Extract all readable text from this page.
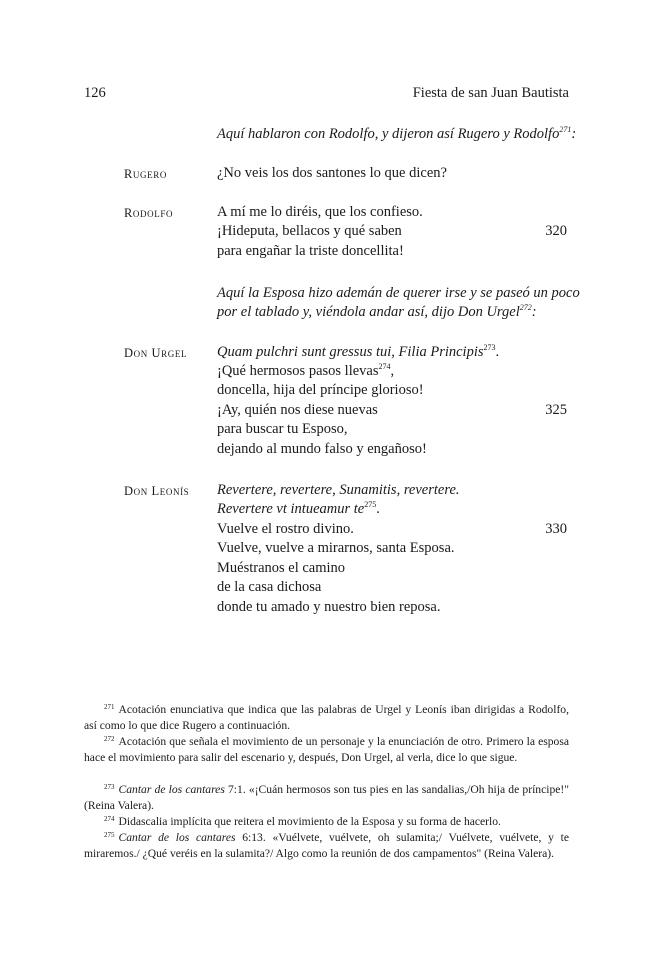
126	Fiesta de san Juan Bautista
Aquí hablaron con Rodolfo, y dijeron así Rugero y Rodolfo$^{271}$:
Rugero	¿No veis los dos santones lo que dicen?
Rodolfo	A mí me lo diréis, que los confieso.
¡Hideputa, bellacos y qué saben	320
para engañar la triste doncellita!
Aquí la Esposa hizo ademán de querer irse y se paseó un poco
por el tablado y, viéndola andar así, dijo Don Urgel$^{272}$:
Don Urgel Quam pulchri sunt gressus tui, Filia Principis$^{273}$.
¡Qué hermosos pasos llevas$^{274}$,
doncella, hija del príncipe glorioso!
¡Ay, quién nos diese nuevas	325
para buscar tu Esposo,
dejando al mundo falso y engañoso!
Don Leonís Revertere, revertere, Sunamitis, revertere.
Revertere vt intueamur $te^{275}$.
Vuelve el rostro divino.	330
Vuelve, vuelve a mirarnos, santa Esposa.
Muéstranos el camino
de la casa dichosa
donde tu amado y nuestro bien reposa.
$^{271}$ Acotación enunciativa que indica que las palabras de Urgel y Leonís iban dirigidas a Rodolfo, así como lo que dice Rugero a continuación.
$^{272}$ Acotación que señala el movimiento de un personaje y la enunciación de otro. Primero la esposa hace el movimiento para salir del escenario y, después, Don Urgel, al verla, dice lo que sigue.
$^{273}$ Cantar de los cantares 7:1. «¡Cuán hermosos son tus pies en las sandalias,/Oh hija de príncipe!" (Reina Valera).
$^{274}$ Didascalia implícita que reitera el movimiento de la Esposa y su forma de hacerlo.
$^{275}$ Cantar de los cantares 6:13. «Vuélvete, vuélvete, oh sulamita;/ Vuélvete, vuélvete, y te miraremos./ ¿Qué veréis en la sulamita?/ Algo como la reunión de dos campamentos" (Reina Valera).
